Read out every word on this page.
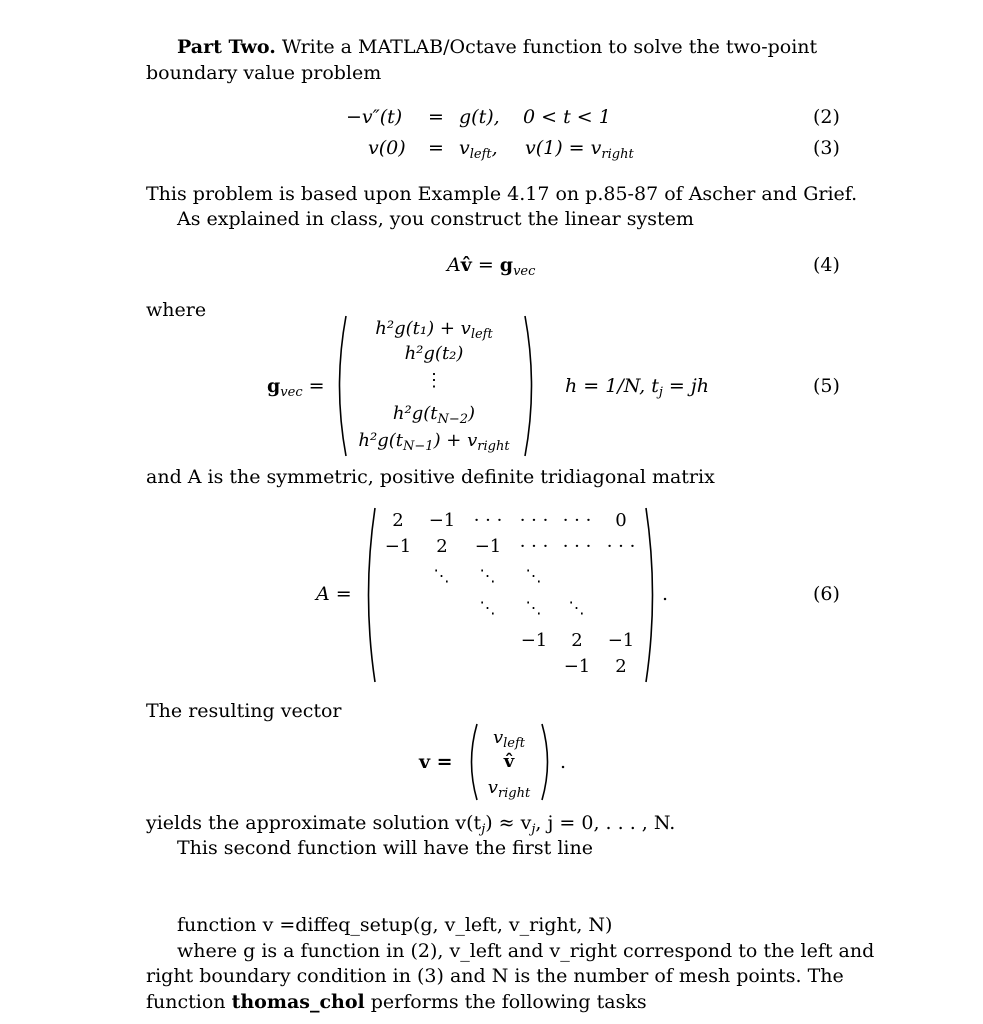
Part Two. Write a MATLAB/Octave function to solve the two-point
boundary value problem
−v″(t) = g(t), 0 < t < 1	(2)
$v(0) = v_{left}$, $v(1) = v_{right}$	(3)
This problem is based upon Example 4.17 on p.85-87 of Ascher and Grief.
As explained in class, you construct the linear system
Av̂ = $g_{vec}$	(4)
where
$g_{vec}$ =
$h^2g(t_1) + v_{left}$
h²g(t₂)
⋮
$h^2g(t_{N-2})$
$h^2g(t_{N-1}) + v_{right}$
h = 1/N, $t_j$ = jh	(5)
and A is the symmetric, positive definite tridiagonal matrix
A =
2 −1 · · · · · · · · · 0
−1 2 −1 · · · · · · · · ·
⋱ ⋱ ⋱
⋱ ⋱ ⋱
−1 2 −1
−1 2
.	(6)
The resulting vector
v =
$v_{left}$
v̂
$v_{right}$
.
yields the approximate solution $v(t_j) \approx v_j$, j = 0, . . . , N.
This second function will have the first line
function v =diffeq_setup(g, v_left, v_right, N)
where g is a function in (2), v_left and v_right correspond to the left and
right boundary condition in (3) and N is the number of mesh points. The
function thomas_chol performs the following tasks
